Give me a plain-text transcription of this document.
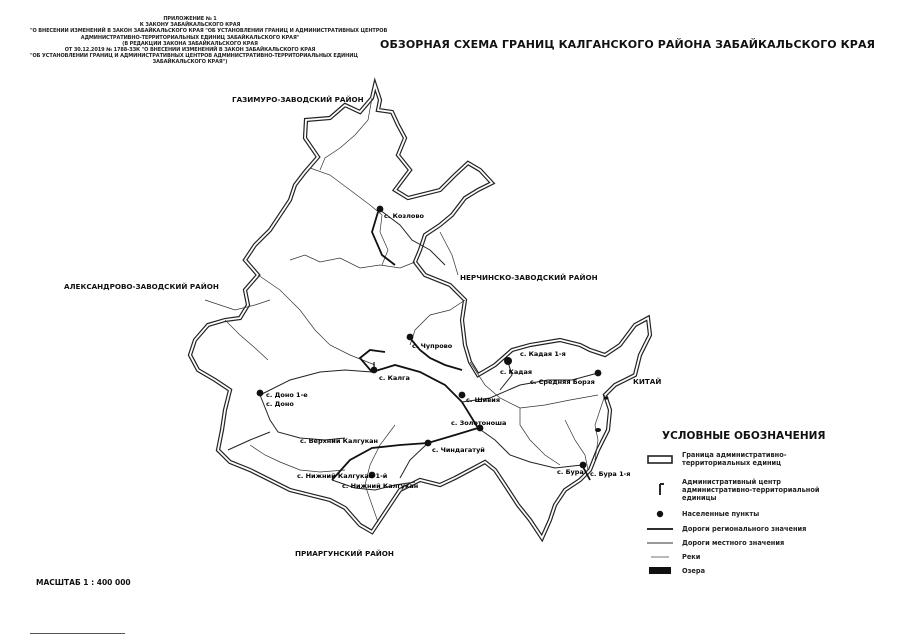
ПРИЛОЖЕНИЕ № 1
К ЗАКОНУ ЗАБАЙКАЛЬСКОГО КРАЯ
"О ВНЕСЕНИИ ИЗМЕНЕНИЙ В ЗАКОН ЗАБАЙКАЛЬСКОГО КРАЯ "ОБ УСТАНОВЛЕНИИ ГРАНИЦ И АДМИНИСТРАТИВНЫХ ЦЕНТРОВ
АДМИНИСТРАТИВНО-ТЕРРИТОРИАЛЬНЫХ ЕДИНИЦ ЗАБАЙКАЛЬСКОГО КРАЯ"
(В РЕДАКЦИИ ЗАКОНА ЗАБАЙКАЛЬСКОГО КРАЯ
ОТ 30.12.2019 № 1788-ЗЗК "О ВНЕСЕНИИ ИЗМЕНЕНИЙ В ЗАКОН ЗАБАЙКАЛЬСКОГО КРАЯ
"ОБ УСТАНОВЛЕНИИ ГРАНИЦ И АДМИНИСТРАТИВНЫХ ЦЕНТРОВ АДМИНИСТРАТИВНО-ТЕРРИТОРИАЛЬНЫХ ЕДИНИЦ
ЗАБАЙКАЛЬСКОГО КРАЯ")
ОБЗОРНАЯ СХЕМА ГРАНИЦ КАЛГАНСКОГО РАЙОНА ЗАБАЙКАЛЬСКОГО КРАЯ
с. Козлово
с. Чупрово
с. Калга
с. Кадая 1-я
с. Кадая
с. Средняя Борзя
с. Шивия
с. Золотоноша
с. Доно 1-е
с. Доно
с. Верхний Калгукан
с. Чиндагатуй
с. Нижний Калгукан 1-й
с. Нижний Калгукан
с. Бура с. Бура 1-я
ГАЗИМУРО-ЗАВОДСКИЙ РАЙОН
АЛЕКСАНДРОВО-ЗАВОДСКИЙ РАЙОН
НЕРЧИНСКО-ЗАВОДСКИЙ РАЙОН
КИТАЙ
ПРИАРГУНСКИЙ РАЙОН
УСЛОВНЫЕ ОБОЗНАЧЕНИЯ
Граница административно-территориальных единиц
Административный центр административно-территориальной единицы
Населенные пункты
Дороги регионального значения
Дороги местного значения
Реки
Озера
МАСШТАБ 1 : 400 000
